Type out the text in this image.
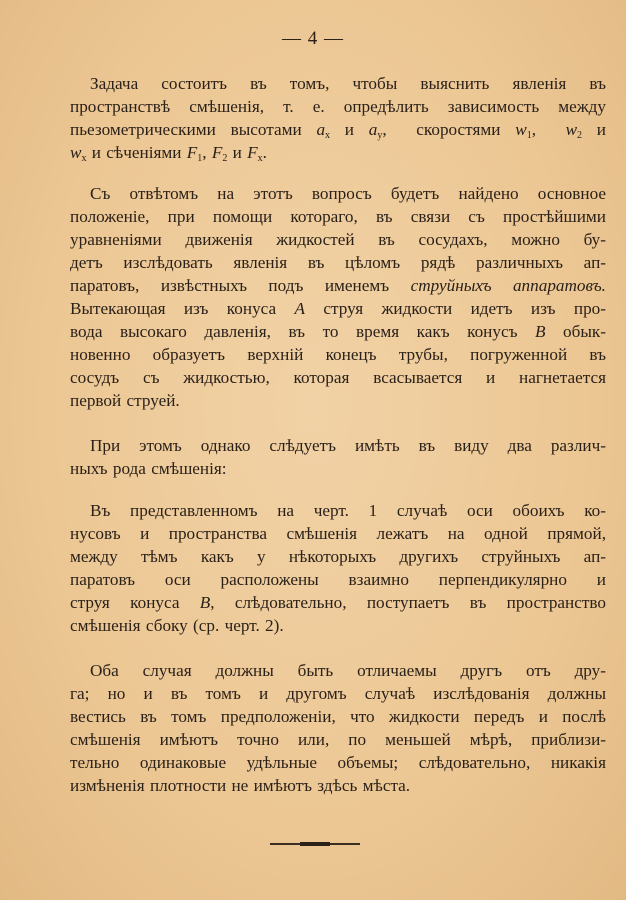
— 4 —
Задача состоитъ въ томъ, чтобы выяснить явленія въ
пространствѣ смѣшенія, т. е. опредѣлить зависимость между
пьезометрическими высотами $a_x$ и $a_y$,  скоростями $w_1$,  $w_2$ и
$w_x$ и сѣченіями $F_1$, $F_2$ и $F_x$.
Съ отвѣтомъ на этотъ вопросъ будетъ найдено основное
положеніе, при помощи котораго, въ связи съ простѣйшими
уравненіями движенія жидкостей въ сосудахъ, можно бу-
детъ изслѣдовать явленія въ цѣломъ рядѣ различныхъ ап-
паратовъ, извѣстныхъ подъ именемъ струйныхъ аппаратовъ.
Вытекающая изъ конуса A струя жидкости идетъ изъ про-
вода высокаго давленія, въ то время какъ конусъ B обык-
новенно образуетъ верхній конецъ трубы, погруженной въ
сосудъ съ жидкостью, которая всасывается и нагнетается
первой струей.
При этомъ однако слѣдуетъ имѣть въ виду два различ-
ныхъ рода смѣшенія:
Въ представленномъ на черт. 1 случаѣ оси обоихъ ко-
нусовъ и пространства смѣшенія лежатъ на одной прямой,
между тѣмъ какъ у нѣкоторыхъ другихъ струйныхъ ап-
паратовъ оси расположены взаимно перпендикулярно и
струя конуса B, слѣдовательно, поступаетъ въ пространство
смѣшенія сбоку (ср. черт. 2).
Оба случая должны быть отличаемы другъ отъ дру-
га; но и въ томъ и другомъ случаѣ изслѣдованія должны
вестись въ томъ предположеніи, что жидкости передъ и послѣ
смѣшенія имѣютъ точно или, по меньшей мѣрѣ, приблизи-
тельно одинаковые удѣльные объемы; слѣдовательно, никакія
измѣненія плотности не имѣютъ здѣсь мѣста.
